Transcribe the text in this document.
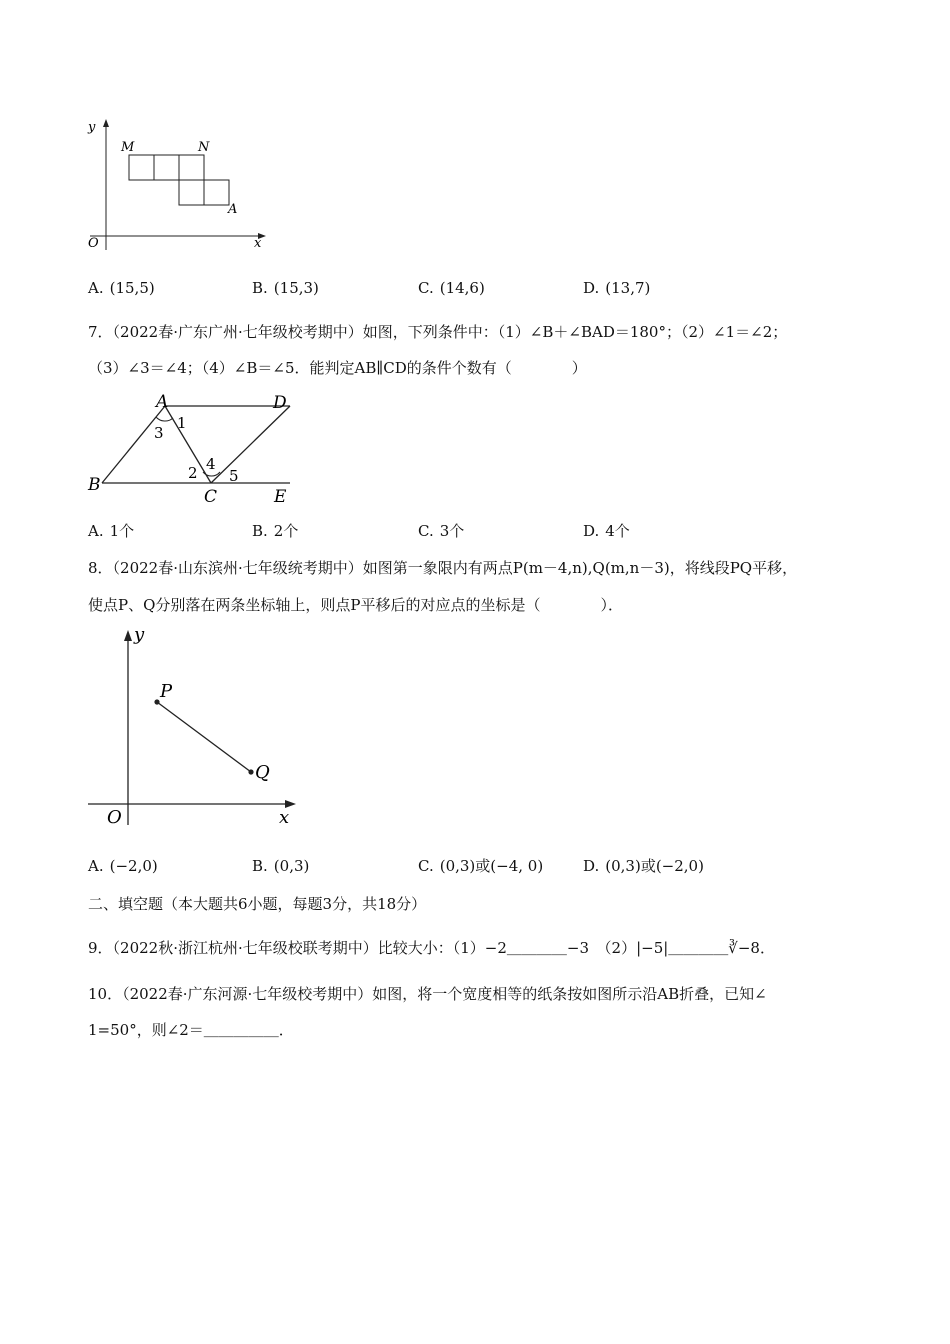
y
x
O
M	N
A
A. (15,5)	B. (15,3)	C. (14,6)	D. (13,7)
7．（2022春·广东广州·七年级校考期中）如图，下列条件中：（1）∠B＋∠BAD＝180°；（2）∠1＝∠2；
（3）∠3＝∠4；（4）∠B＝∠5．能判定AB∥CD的条件个数有（　　　　）
A
B
C
D
E
1
2
3
4
5
A. 1个	B. 2个	C. 3个	D. 4个
8．（2022春·山东滨州·七年级统考期中）如图第一象限内有两点P(m－4,n),Q(m,n－3)，将线段PQ平移，
使点P、Q分别落在两条坐标轴上，则点P平移后的对应点的坐标是（　　　　）．
y
x
O
P
Q
A. (−2,0)	B. (0,3)	C. (0,3)或(−4, 0)	D. (0,3)或(−2,0)
二、填空题（本大题共6小题，每题3分，共18分）
9．（2022秋·浙江杭州·七年级校联考期中）比较大小：（1）−2＿＿＿＿−3　（2）|−5|＿＿＿＿∛−8．
10．（2022春·广东河源·七年级校考期中）如图，将一个宽度相等的纸条按如图所示沿AB折叠，已知∠
1=50°，则∠2＝＿＿＿＿＿．
